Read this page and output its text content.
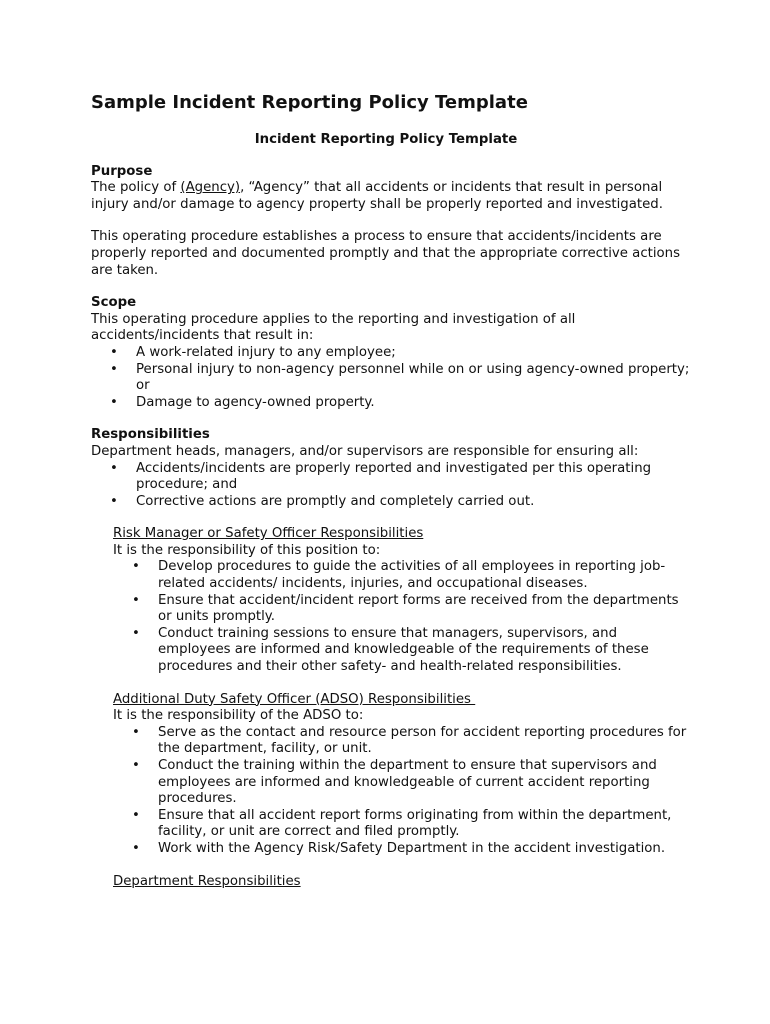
Sample Incident Reporting Policy Template

Incident Reporting Policy Template

Purpose

The policy of (Agency), “Agency” that all accidents or incidents that result in personal injury and/or damage to agency property shall be properly reported and investigated.

This operating procedure establishes a process to ensure that accidents/incidents are properly reported and documented promptly and that the appropriate corrective actions are taken.

Scope

This operating procedure applies to the reporting and investigation of all accidents/incidents that result in:

• A work-related injury to any employee;
• Personal injury to non-agency personnel while on or using agency-owned property; or
• Damage to agency-owned property.

Responsibilities

Department heads, managers, and/or supervisors are responsible for ensuring all:

• Accidents/incidents are properly reported and investigated per this operating procedure; and
• Corrective actions are promptly and completely carried out.

Risk Manager or Safety Officer Responsibilities

It is the responsibility of this position to:

• Develop procedures to guide the activities of all employees in reporting job-related accidents/ incidents, injuries, and occupational diseases.
• Ensure that accident/incident report forms are received from the departments or units promptly.
• Conduct training sessions to ensure that managers, supervisors, and employees are informed and knowledgeable of the requirements of these procedures and their other safety- and health-related responsibilities.

Additional Duty Safety Officer (ADSO) Responsibilities

It is the responsibility of the ADSO to:

• Serve as the contact and resource person for accident reporting procedures for the department, facility, or unit.
• Conduct the training within the department to ensure that supervisors and employees are informed and knowledgeable of current accident reporting procedures.
• Ensure that all accident report forms originating from within the department, facility, or unit are correct and filed promptly.
• Work with the Agency Risk/Safety Department in the accident investigation.

Department Responsibilities
